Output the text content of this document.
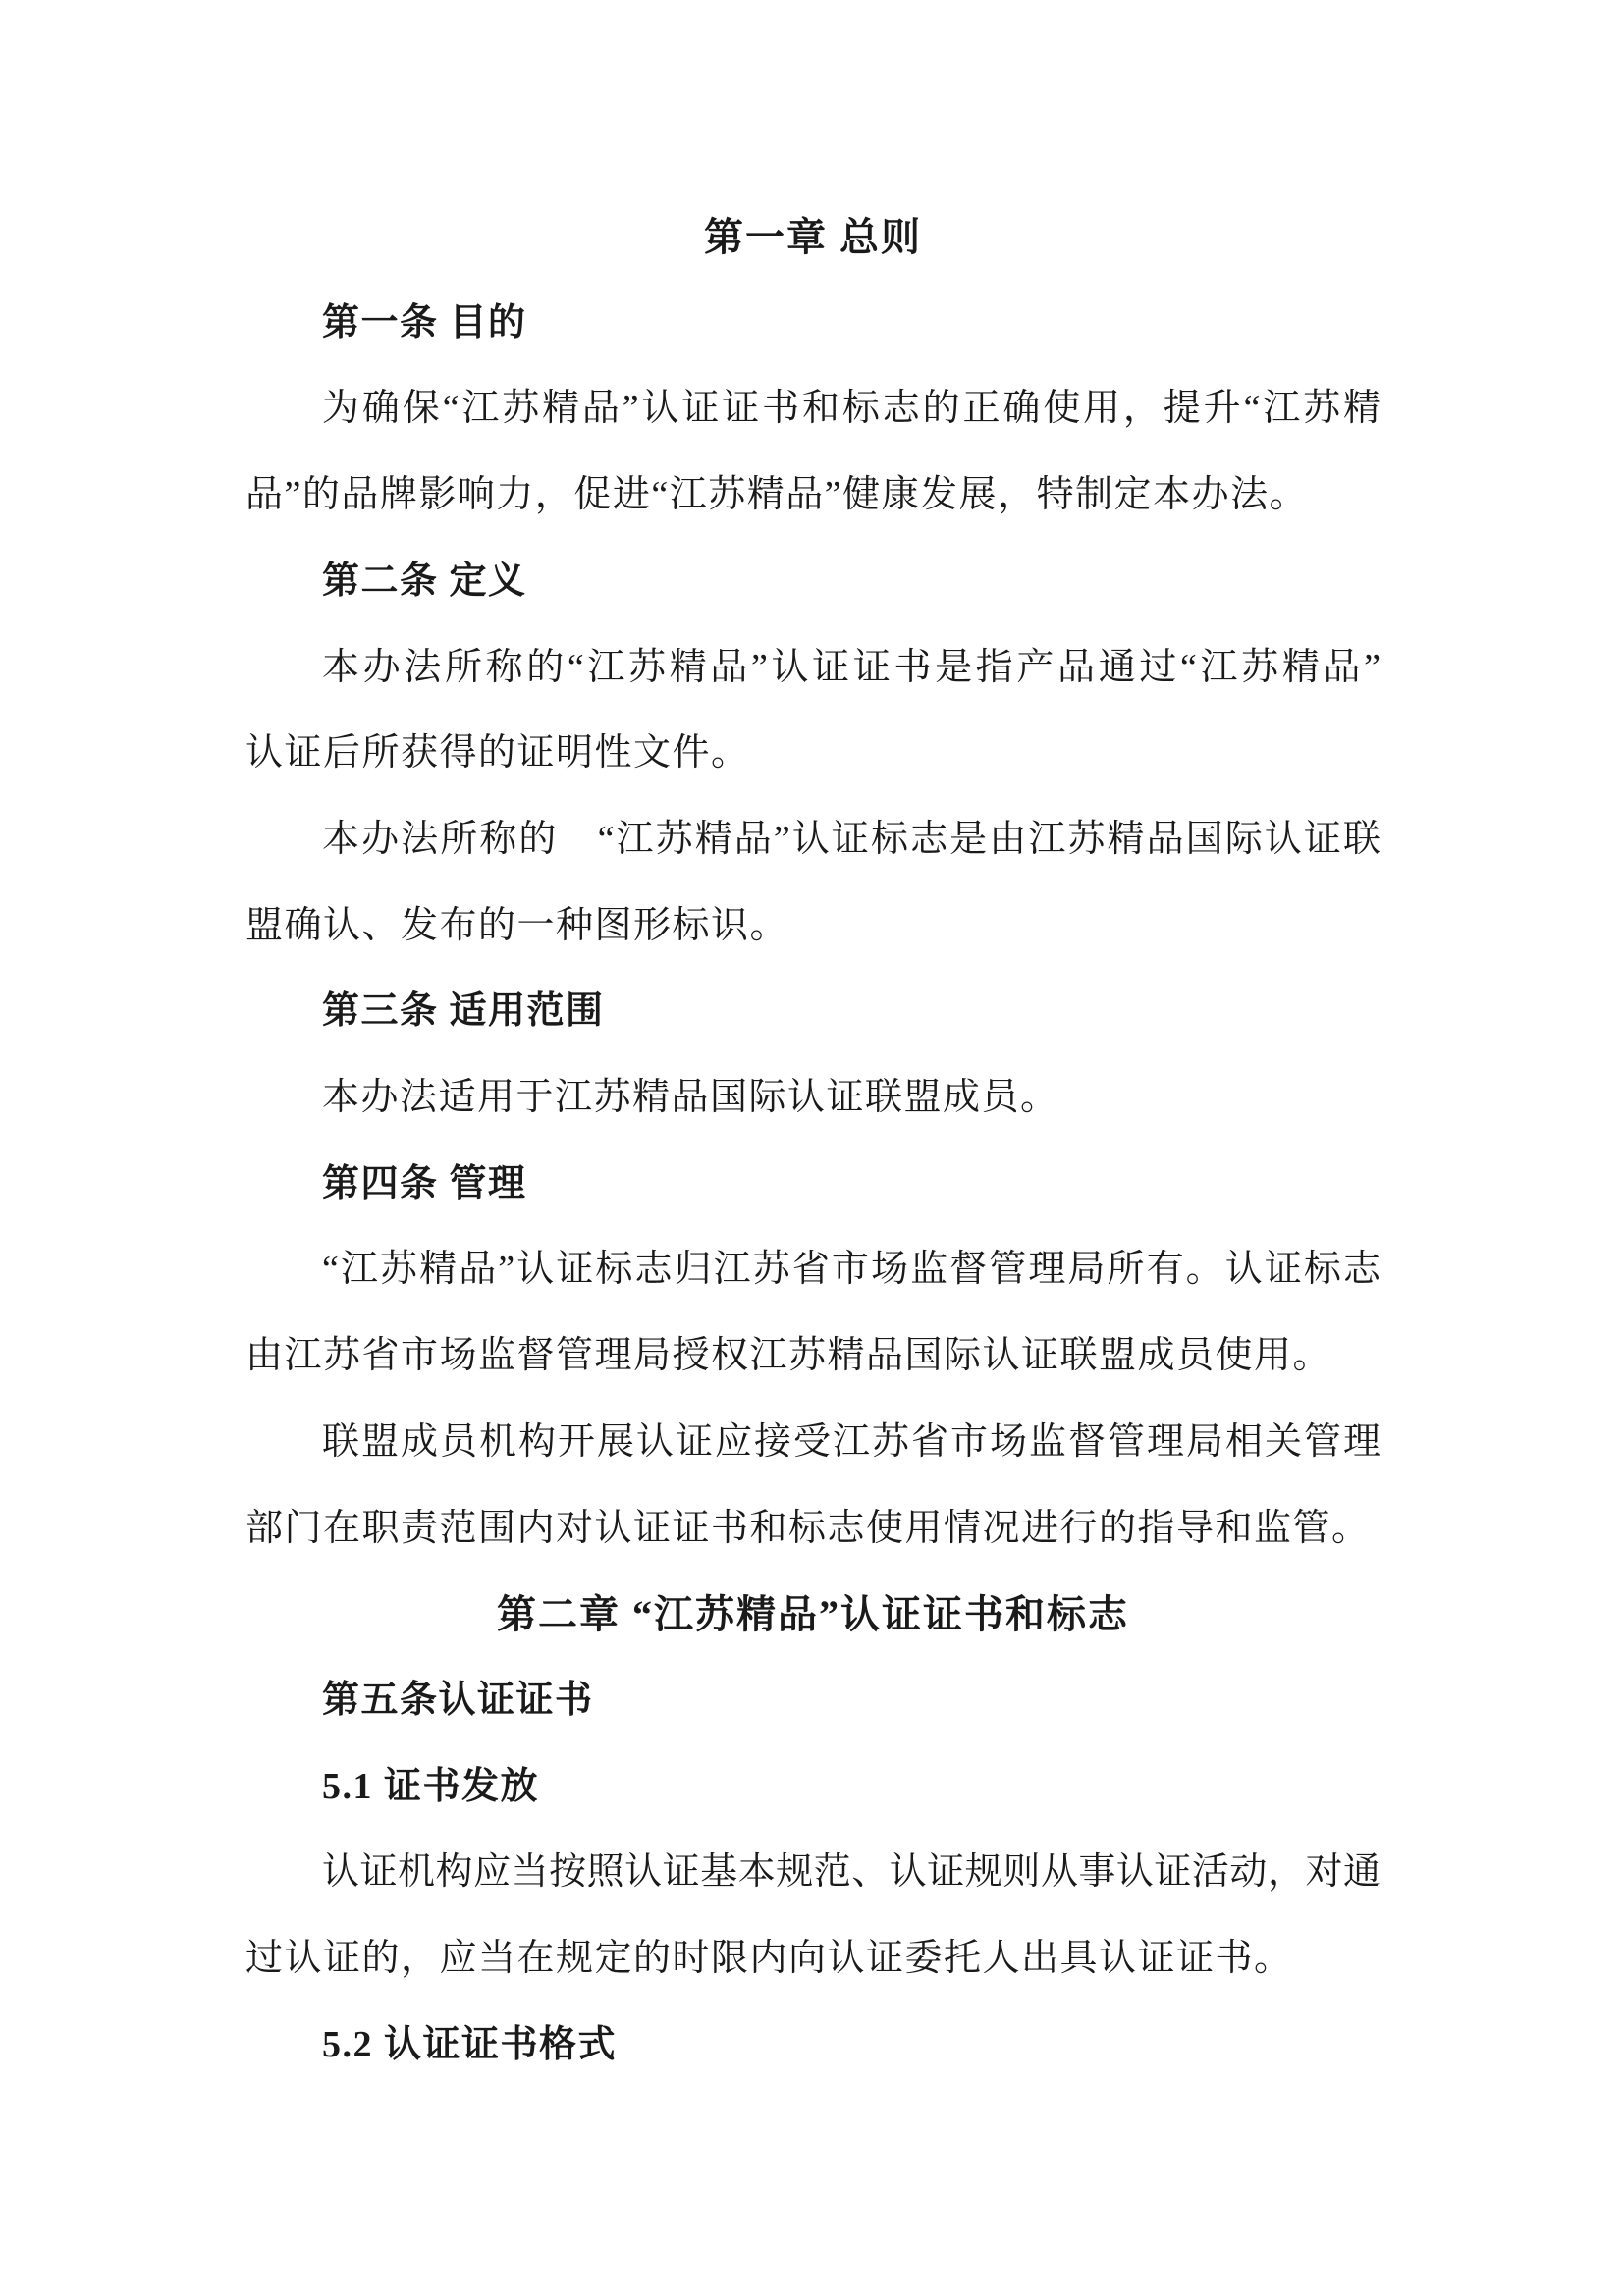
第一章 总则
第一条 目的
为确保“江苏精品”认证证书和标志的正确使用，提升“江苏精
品”的品牌影响力，促进“江苏精品”健康发展，特制定本办法。
第二条 定义
本办法所称的“江苏精品”认证证书是指产品通过“江苏精品”
认证后所获得的证明性文件。
本办法所称的　“江苏精品”认证标志是由江苏精品国际认证联
盟确认、发布的一种图形标识。
第三条 适用范围
本办法适用于江苏精品国际认证联盟成员。
第四条 管理
“江苏精品”认证标志归江苏省市场监督管理局所有。认证标志
由江苏省市场监督管理局授权江苏精品国际认证联盟成员使用。
联盟成员机构开展认证应接受江苏省市场监督管理局相关管理
部门在职责范围内对认证证书和标志使用情况进行的指导和监管。
第二章 “江苏精品”认证证书和标志
第五条认证证书
5.1 证书发放
认证机构应当按照认证基本规范、认证规则从事认证活动，对通
过认证的，应当在规定的时限内向认证委托人出具认证证书。
5.2 认证证书格式
